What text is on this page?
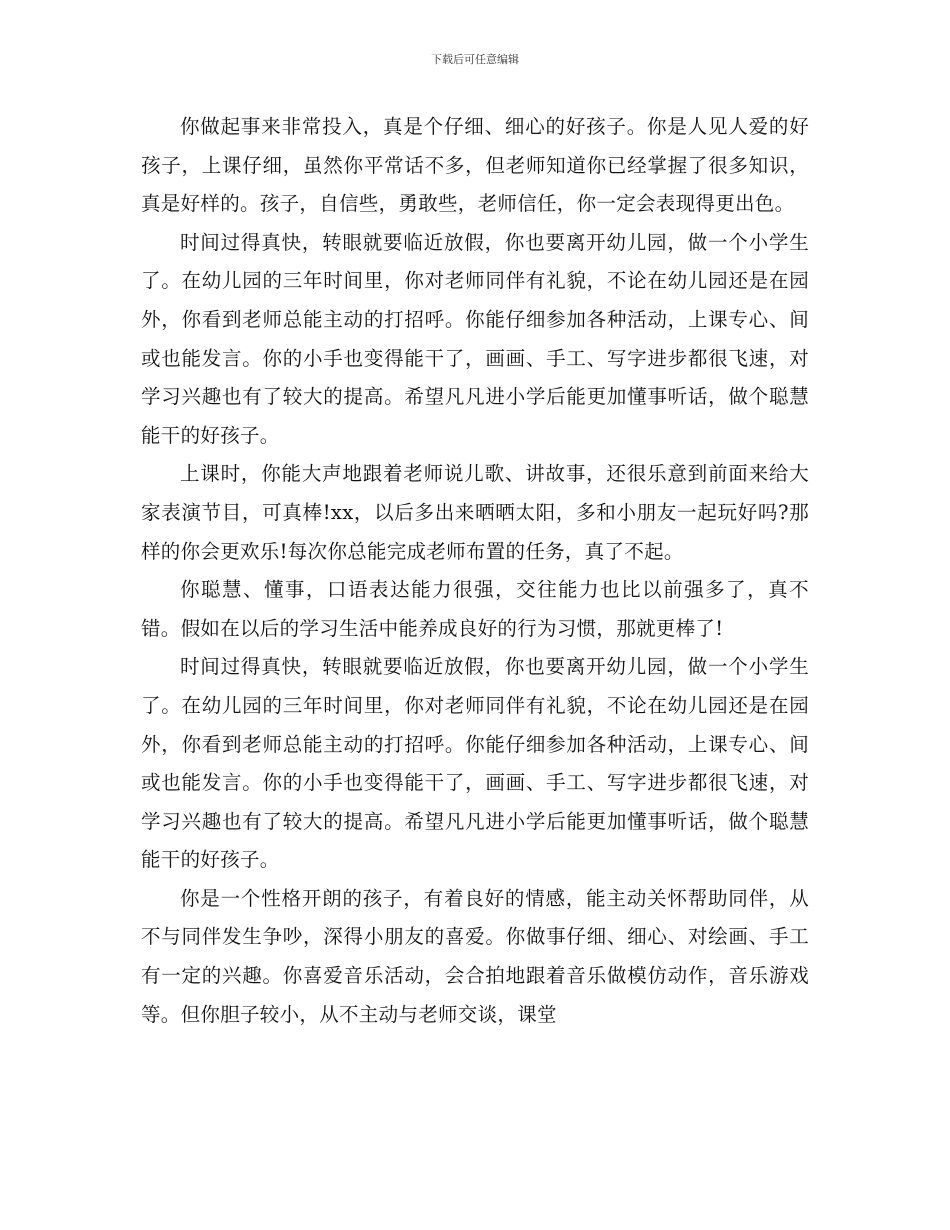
下载后可任意编辑

你做起事来非常投入，真是个仔细、细心的好孩子。你是人见人爱的好孩子，上课仔细，虽然你平常话不多，但老师知道你已经掌握了很多知识，真是好样的。孩子，自信些，勇敢些，老师信任，你一定会表现得更出色。

时间过得真快，转眼就要临近放假，你也要离开幼儿园，做一个小学生了。在幼儿园的三年时间里，你对老师同伴有礼貌，不论在幼儿园还是在园外，你看到老师总能主动的打招呼。你能仔细参加各种活动，上课专心、间或也能发言。你的小手也变得能干了，画画、手工、写字进步都很飞速，对学习兴趣也有了较大的提高。希望凡凡进小学后能更加懂事听话，做个聪慧能干的好孩子。

上课时，你能大声地跟着老师说儿歌、讲故事，还很乐意到前面来给大家表演节目，可真棒!xx，以后多出来晒晒太阳，多和小朋友一起玩好吗?那样的你会更欢乐!每次你总能完成老师布置的任务，真了不起。

你聪慧、懂事，口语表达能力很强，交往能力也比以前强多了，真不错。假如在以后的学习生活中能养成良好的行为习惯，那就更棒了!

时间过得真快，转眼就要临近放假，你也要离开幼儿园，做一个小学生了。在幼儿园的三年时间里，你对老师同伴有礼貌，不论在幼儿园还是在园外，你看到老师总能主动的打招呼。你能仔细参加各种活动，上课专心、间或也能发言。你的小手也变得能干了，画画、手工、写字进步都很飞速，对学习兴趣也有了较大的提高。希望凡凡进小学后能更加懂事听话，做个聪慧能干的好孩子。

你是一个性格开朗的孩子，有着良好的情感，能主动关怀帮助同伴，从不与同伴发生争吵，深得小朋友的喜爱。你做事仔细、细心、对绘画、手工有一定的兴趣。你喜爱音乐活动，会合拍地跟着音乐做模仿动作，音乐游戏等。但你胆子较小，从不主动与老师交谈，课堂
